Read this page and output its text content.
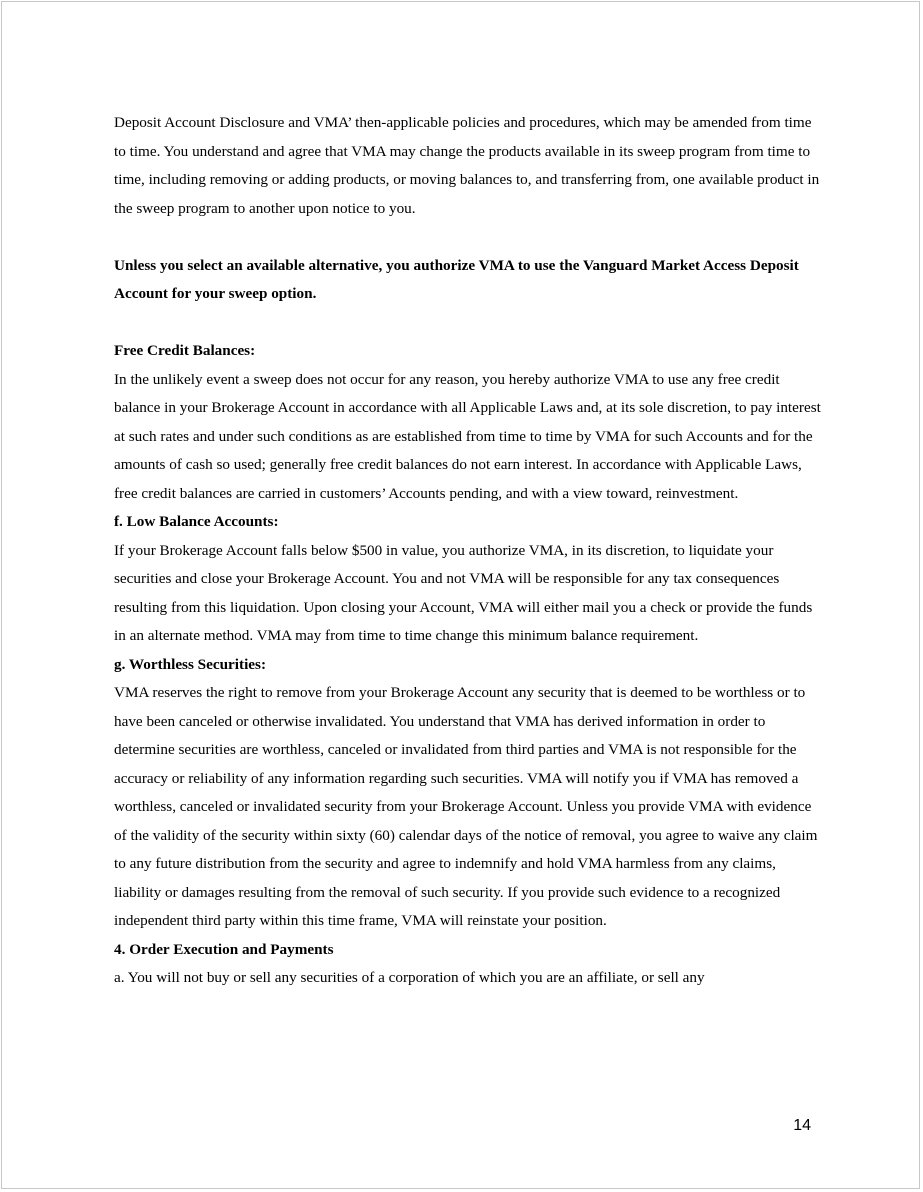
Deposit Account Disclosure and VMA’ then-applicable policies and procedures, which may be amended from time to time. You understand and agree that VMA may change the products available in its sweep program from time to time, including removing or adding products, or moving balances to, and transferring from, one available product in the sweep program to another upon notice to you.

Unless you select an available alternative, you authorize VMA to use the Vanguard Market Access Deposit Account for your sweep option.

Free Credit Balances:

In the unlikely event a sweep does not occur for any reason, you hereby authorize VMA to use any free credit balance in your Brokerage Account in accordance with all Applicable Laws and, at its sole discretion, to pay interest at such rates and under such conditions as are established from time to time by VMA for such Accounts and for the amounts of cash so used; generally free credit balances do not earn interest. In accordance with Applicable Laws, free credit balances are carried in customers’ Accounts pending, and with a view toward, reinvestment.

f. Low Balance Accounts:

If your Brokerage Account falls below $500 in value, you authorize VMA, in its discretion, to liquidate your securities and close your Brokerage Account. You and not VMA will be responsible for any tax consequences resulting from this liquidation. Upon closing your Account, VMA will either mail you a check or provide the funds in an alternate method. VMA may from time to time change this minimum balance requirement.

g. Worthless Securities:

VMA reserves the right to remove from your Brokerage Account any security that is deemed to be worthless or to have been canceled or otherwise invalidated. You understand that VMA has derived information in order to determine securities are worthless, canceled or invalidated from third parties and VMA is not responsible for the accuracy or reliability of any information regarding such securities. VMA will notify you if VMA has removed a worthless, canceled or invalidated security from your Brokerage Account. Unless you provide VMA with evidence of the validity of the security within sixty (60) calendar days of the notice of removal, you agree to waive any claim to any future distribution from the security and agree to indemnify and hold VMA harmless from any claims, liability or damages resulting from the removal of such security. If you provide such evidence to a recognized independent third party within this time frame, VMA will reinstate your position.

4. Order Execution and Payments

a. You will not buy or sell any securities of a corporation of which you are an affiliate, or sell any

14
